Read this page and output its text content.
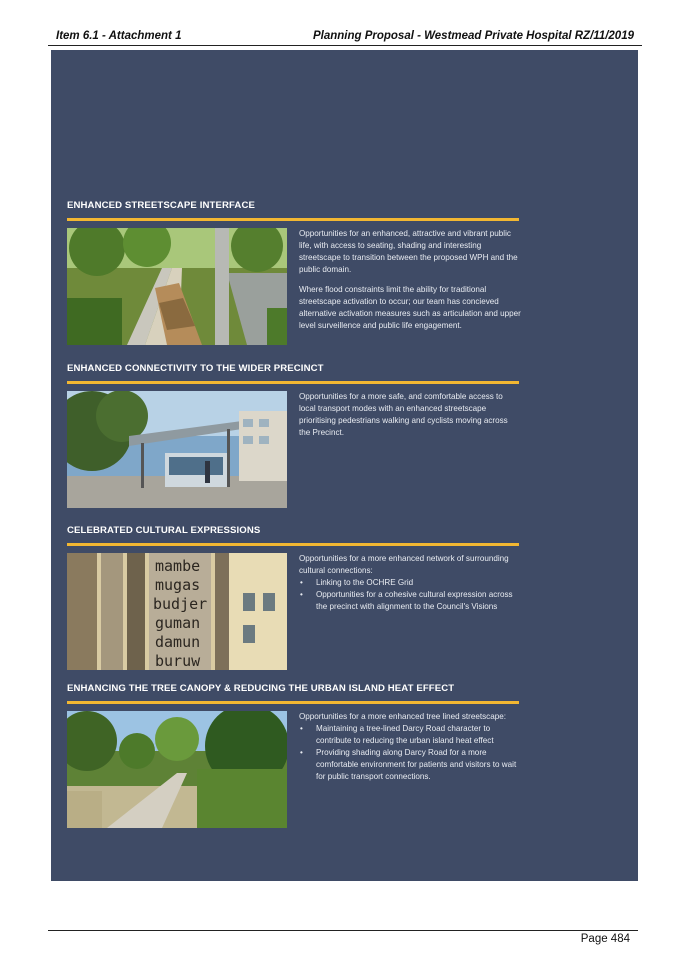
Item 6.1 - Attachment 1	Planning Proposal - Westmead Private Hospital RZ/11/2019
ENHANCED STREETSCAPE INTERFACE

Opportunities for an enhanced, attractive and vibrant public life, with access to seating, shading and interesting streetscape to transition between the proposed WPH and the public domain.

Where flood constraints limit the ability for traditional streetscape activation to occur; our team has concieved alternative activation measures such as articulation and upper level surveillence and public life engagement.

ENHANCED CONNECTIVITY TO THE WIDER PRECINCT

Opportunities for a more safe, and comfortable access to local transport modes with an enhanced streetscape prioritising pedestrians walking and cyclists moving across the Precinct.

CELEBRATED CULTURAL EXPRESSIONS
mambe
mugas
budjer
guman
damun
buruw
Opportunities for a more enhanced network of surrounding cultural connections:
• Linking to the OCHRE Grid
• Opportunities for a cohesive cultural expression across the precinct with alignment to the Council's Visions
ENHANCING THE TREE CANOPY & REDUCING THE URBAN ISLAND HEAT EFFECT
Opportunities for a more enhanced tree lined streetscape:
• Maintaining a tree-lined Darcy Road character to contribute to reducing the urban island heat effect
• Providing shading along Darcy Road for a more comfortable environment for patients and visitors to wait for public transport connections.
Page 484
